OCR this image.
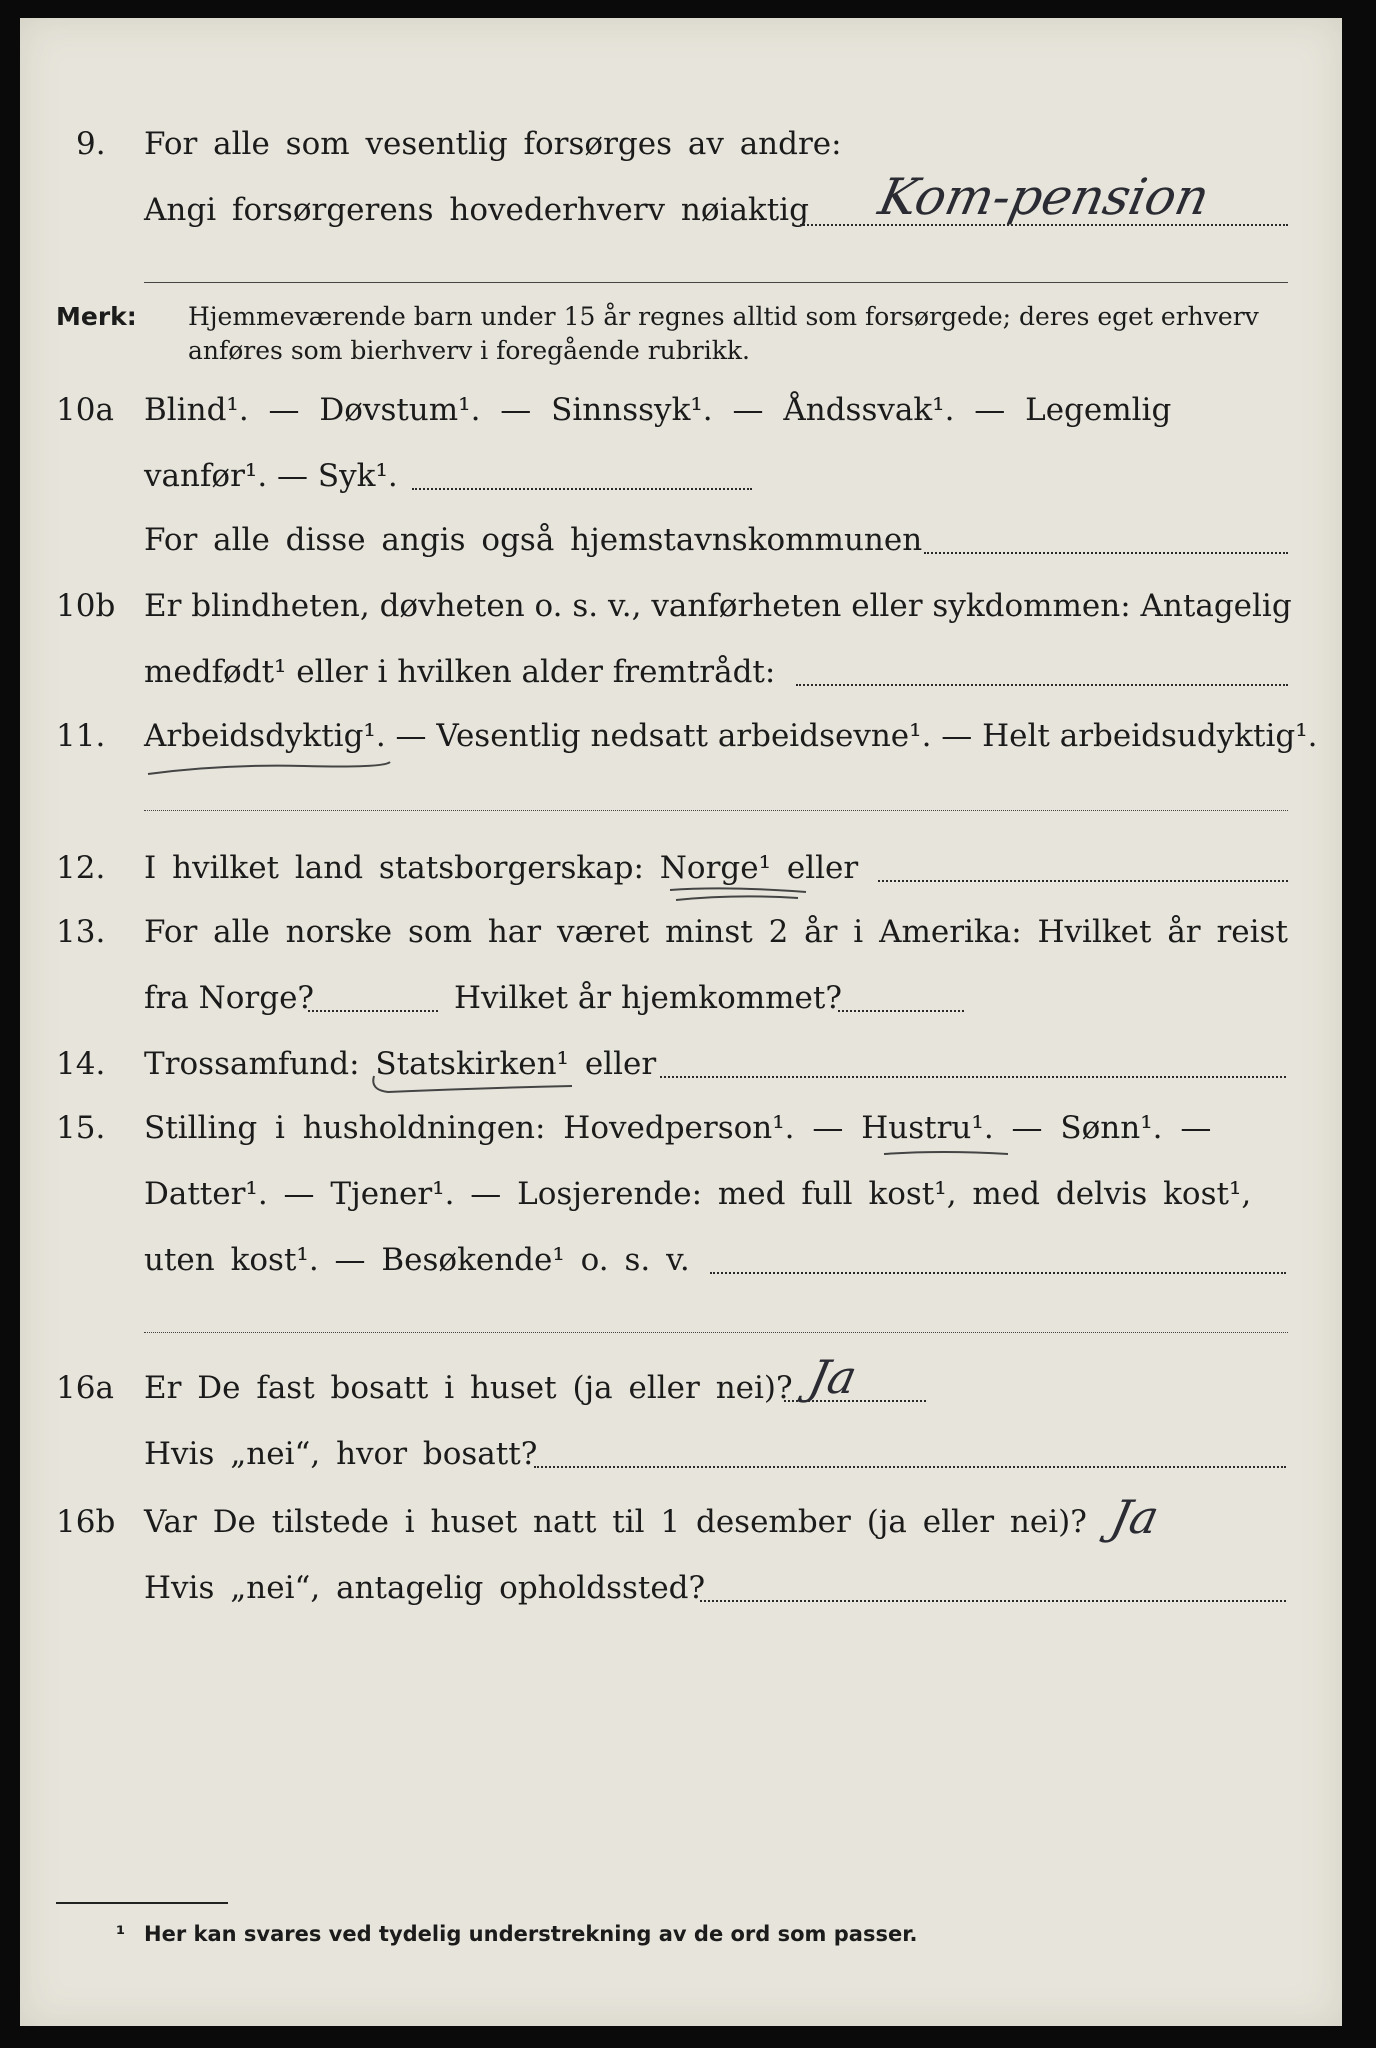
9. For alle som vesentlig forsørges av andre:
Angi forsørgerens hovederhverv nøiaktig Kom-pension
Merk: Hjemmeværende barn under 15 år regnes alltid som forsørgede; deres eget erhverv
anføres som bierhverv i foregående rubrikk.
10a Blind¹. — Døvstum¹. — Sinnssyk¹. — Åndssvak¹. — Legemlig
vanfør¹. — Syk¹.
For alle disse angis også hjemstavnskommunen
10b Er blindheten, døvheten o. s. v., vanførheten eller sykdommen: Antagelig
medfødt¹ eller i hvilken alder fremtrådt:
11. Arbeidsdyktig¹. — Vesentlig nedsatt arbeidsevne¹. — Helt arbeidsudyktig¹.
12. I hvilket land statsborgerskap: Norge¹ eller
13. For alle norske som har været minst 2 år i Amerika: Hvilket år reist
fra Norge?	Hvilket år hjemkommet?
14. Trossamfund: Statskirken¹ eller
15. Stilling i husholdningen: Hovedperson¹. — Hustru¹. — Sønn¹. —
Datter¹. — Tjener¹. — Losjerende: med full kost¹, med delvis kost¹,
uten kost¹. — Besøkende¹ o. s. v.
16a Er De fast bosatt i huset (ja eller nei)? Ja
Hvis „nei“, hvor bosatt?
16b Var De tilstede i huset natt til 1 desember (ja eller nei)? Ja
Hvis „nei“, antagelig opholdssted?
¹ Her kan svares ved tydelig understrekning av de ord som passer.
